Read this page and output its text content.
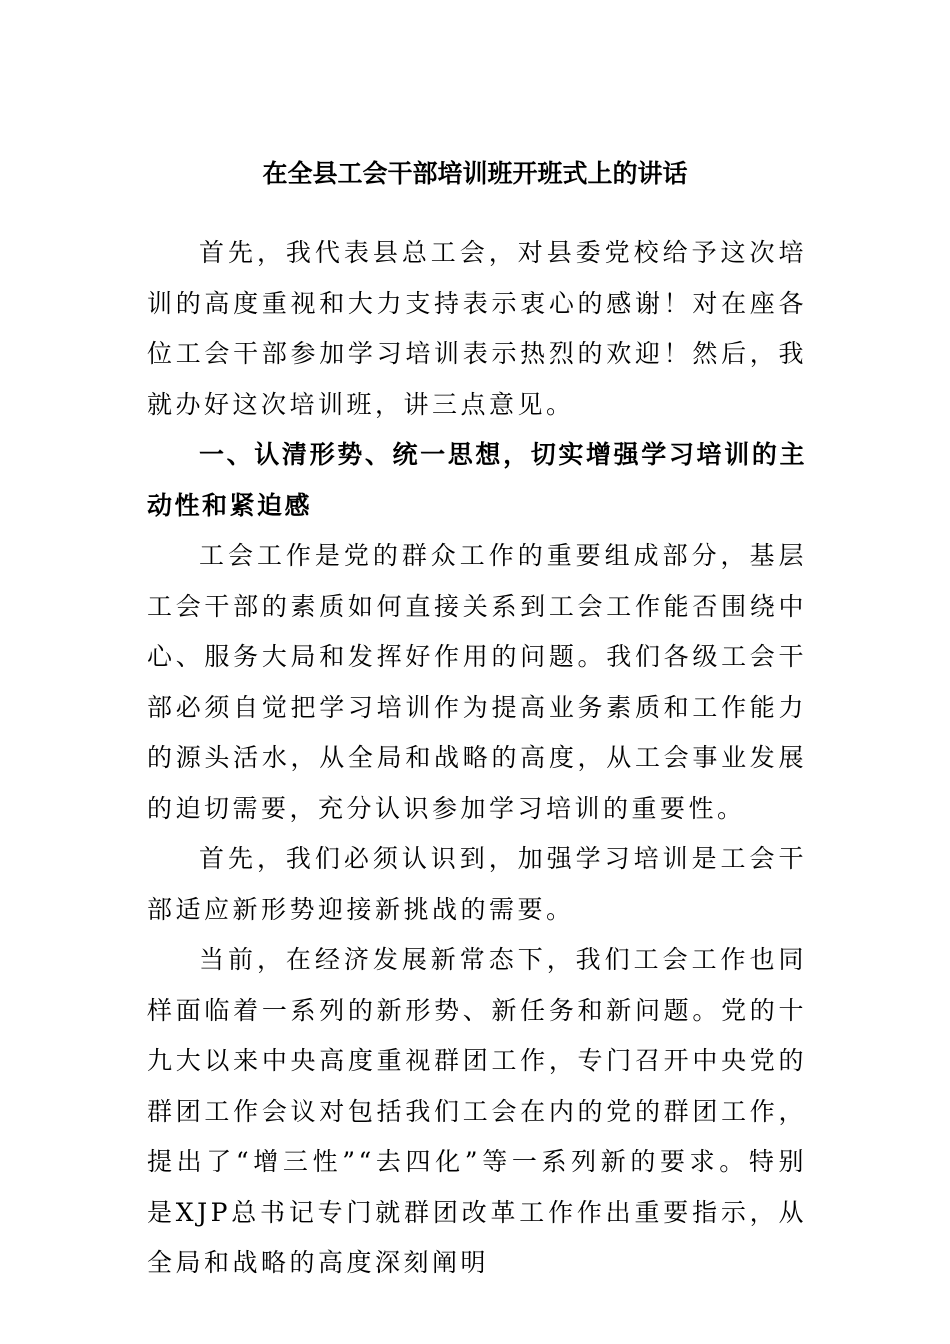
在全县工会干部培训班开班式上的讲话

首先，我代表县总工会，对县委党校给予这次培训的高度重视和大力支持表示衷心的感谢！对在座各位工会干部参加学习培训表示热烈的欢迎！然后，我就办好这次培训班，讲三点意见。

一、认清形势、统一思想，切实增强学习培训的主动性和紧迫感

工会工作是党的群众工作的重要组成部分，基层工会干部的素质如何直接关系到工会工作能否围绕中心、服务大局和发挥好作用的问题。我们各级工会干部必须自觉把学习培训作为提高业务素质和工作能力的源头活水，从全局和战略的高度，从工会事业发展的迫切需要，充分认识参加学习培训的重要性。

首先，我们必须认识到，加强学习培训是工会干部适应新形势迎接新挑战的需要。

当前，在经济发展新常态下，我们工会工作也同样面临着一系列的新形势、新任务和新问题。党的十九大以来中央高度重视群团工作，专门召开中央党的群团工作会议对包括我们工会在内的党的群团工作，提出了“增三性”“去四化”等一系列新的要求。特别是XJP总书记专门就群团改革工作作出重要指示，从全局和战略的高度深刻阐明
